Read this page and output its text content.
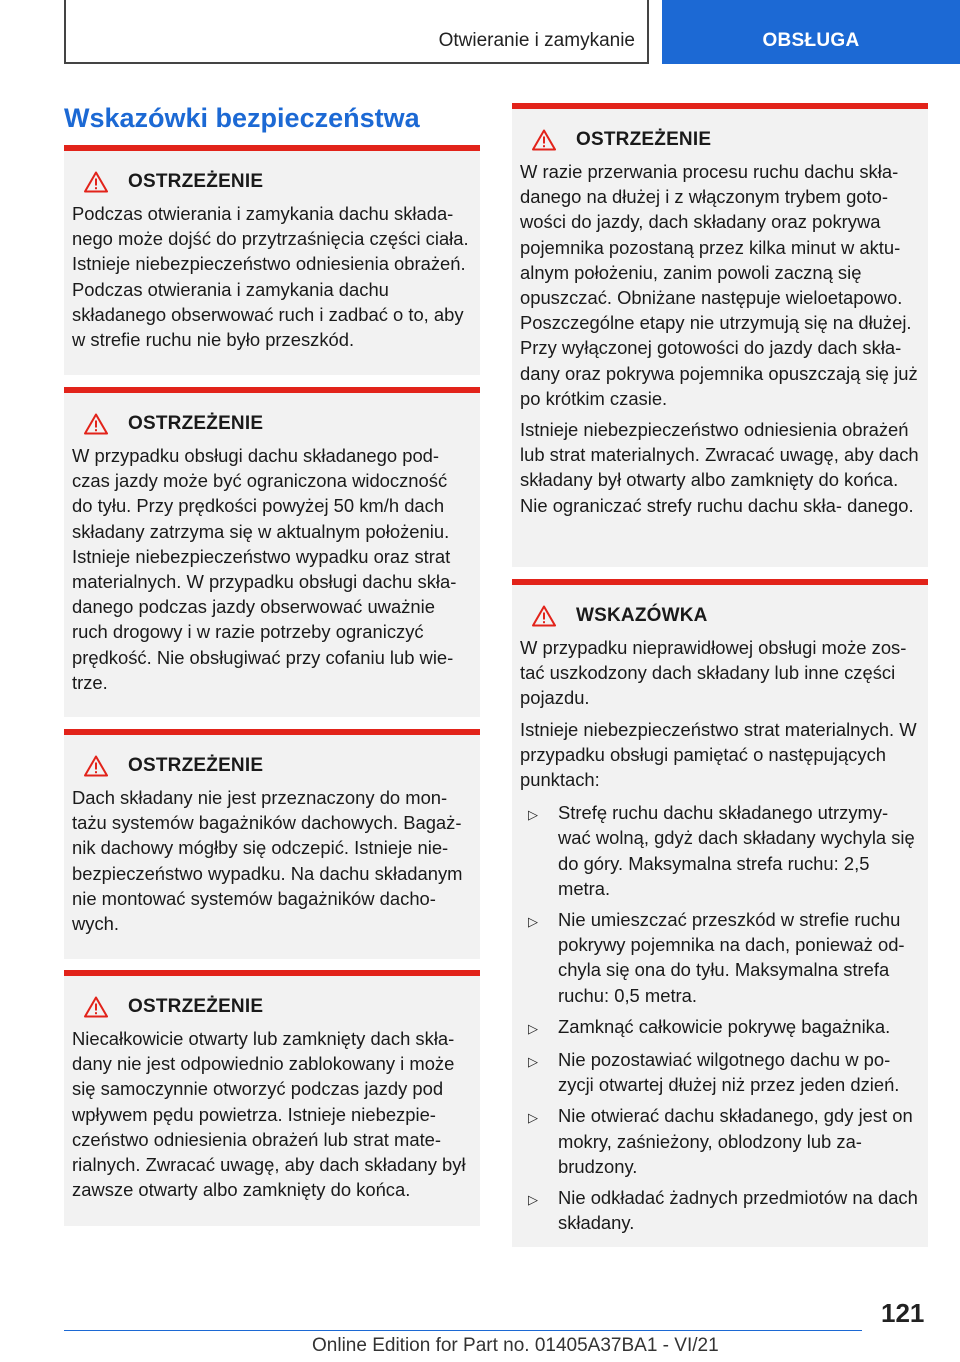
Otwieranie i zamykanie	OBSŁUGA
Wskazówki bezpieczeństwa
OSTRZEŻENIE

Podczas otwierania i zamykania dachu składa- nego może dojść do przytrzaśnięcia części ciała. Istnieje niebezpieczeństwo odniesienia obrażeń. Podczas otwierania i zamykania dachu składanego obserwować ruch i zadbać o to, aby w strefie ruchu nie było przeszkód.

OSTRZEŻENIE

W przypadku obsługi dachu składanego pod- czas jazdy może być ograniczona widoczność do tyłu. Przy prędkości powyżej 50 km/h dach składany zatrzyma się w aktualnym położeniu. Istnieje niebezpieczeństwo wypadku oraz strat materialnych. W przypadku obsługi dachu skła- danego podczas jazdy obserwować uważnie ruch drogowy i w razie potrzeby ograniczyć prędkość. Nie obsługiwać przy cofaniu lub wie- trze.

OSTRZEŻENIE

Dach składany nie jest przeznaczony do mon- tażu systemów bagażników dachowych. Bagaż- nik dachowy mógłby się odczepić. Istnieje nie- bezpieczeństwo wypadku. Na dachu składanym nie montować systemów bagażników dacho- wych.

OSTRZEŻENIE

Niecałkowicie otwarty lub zamknięty dach skła- dany nie jest odpowiednio zablokowany i może się samoczynnie otworzyć podczas jazdy pod wpływem pędu powietrza. Istnieje niebezpie- czeństwo odniesienia obrażeń lub strat mate- rialnych. Zwracać uwagę, aby dach składany był zawsze otwarty albo zamknięty do końca.

OSTRZEŻENIE

W razie przerwania procesu ruchu dachu skła- danego na dłużej i z włączonym trybem goto- wości do jazdy, dach składany oraz pokrywa pojemnika pozostaną przez kilka minut w aktu- alnym położeniu, zanim powoli zaczną się opuszczać. Obniżane następuje wieloetapowo. Poszczególne etapy nie utrzymują się na dłużej. Przy wyłączonej gotowości do jazdy dach skła- dany oraz pokrywa pojemnika opuszczają się już po krótkim czasie.

Istnieje niebezpieczeństwo odniesienia obrażeń lub strat materialnych. Zwracać uwagę, aby dach składany był otwarty albo zamknięty do końca. Nie ograniczać strefy ruchu dachu skła- danego.

WSKAZÓWKA

W przypadku nieprawidłowej obsługi może zos- tać uszkodzony dach składany lub inne części pojazdu.

Istnieje niebezpieczeństwo strat materialnych. W przypadku obsługi pamiętać o następujących punktach:

▷	Strefę ruchu dachu składanego utrzymy- wać wolną, gdyż dach składany wychyla się do góry. Maksymalna strefa ruchu: 2,5 metra.
▷	Nie umieszczać przeszkód w strefie ruchu pokrywy pojemnika na dach, ponieważ od- chyla się ona do tyłu. Maksymalna strefa ruchu: 0,5 metra.
▷	Zamknąć całkowicie pokrywę bagażnika.
▷	Nie pozostawiać wilgotnego dachu w po- zycji otwartej dłużej niż przez jeden dzień.
▷	Nie otwierać dachu składanego, gdy jest on mokry, zaśnieżony, oblodzony lub za- brudzony.
▷	Nie odkładać żadnych przedmiotów na dach składany.
121
Online Edition for Part no. 01405A37BA1 - VI/21
